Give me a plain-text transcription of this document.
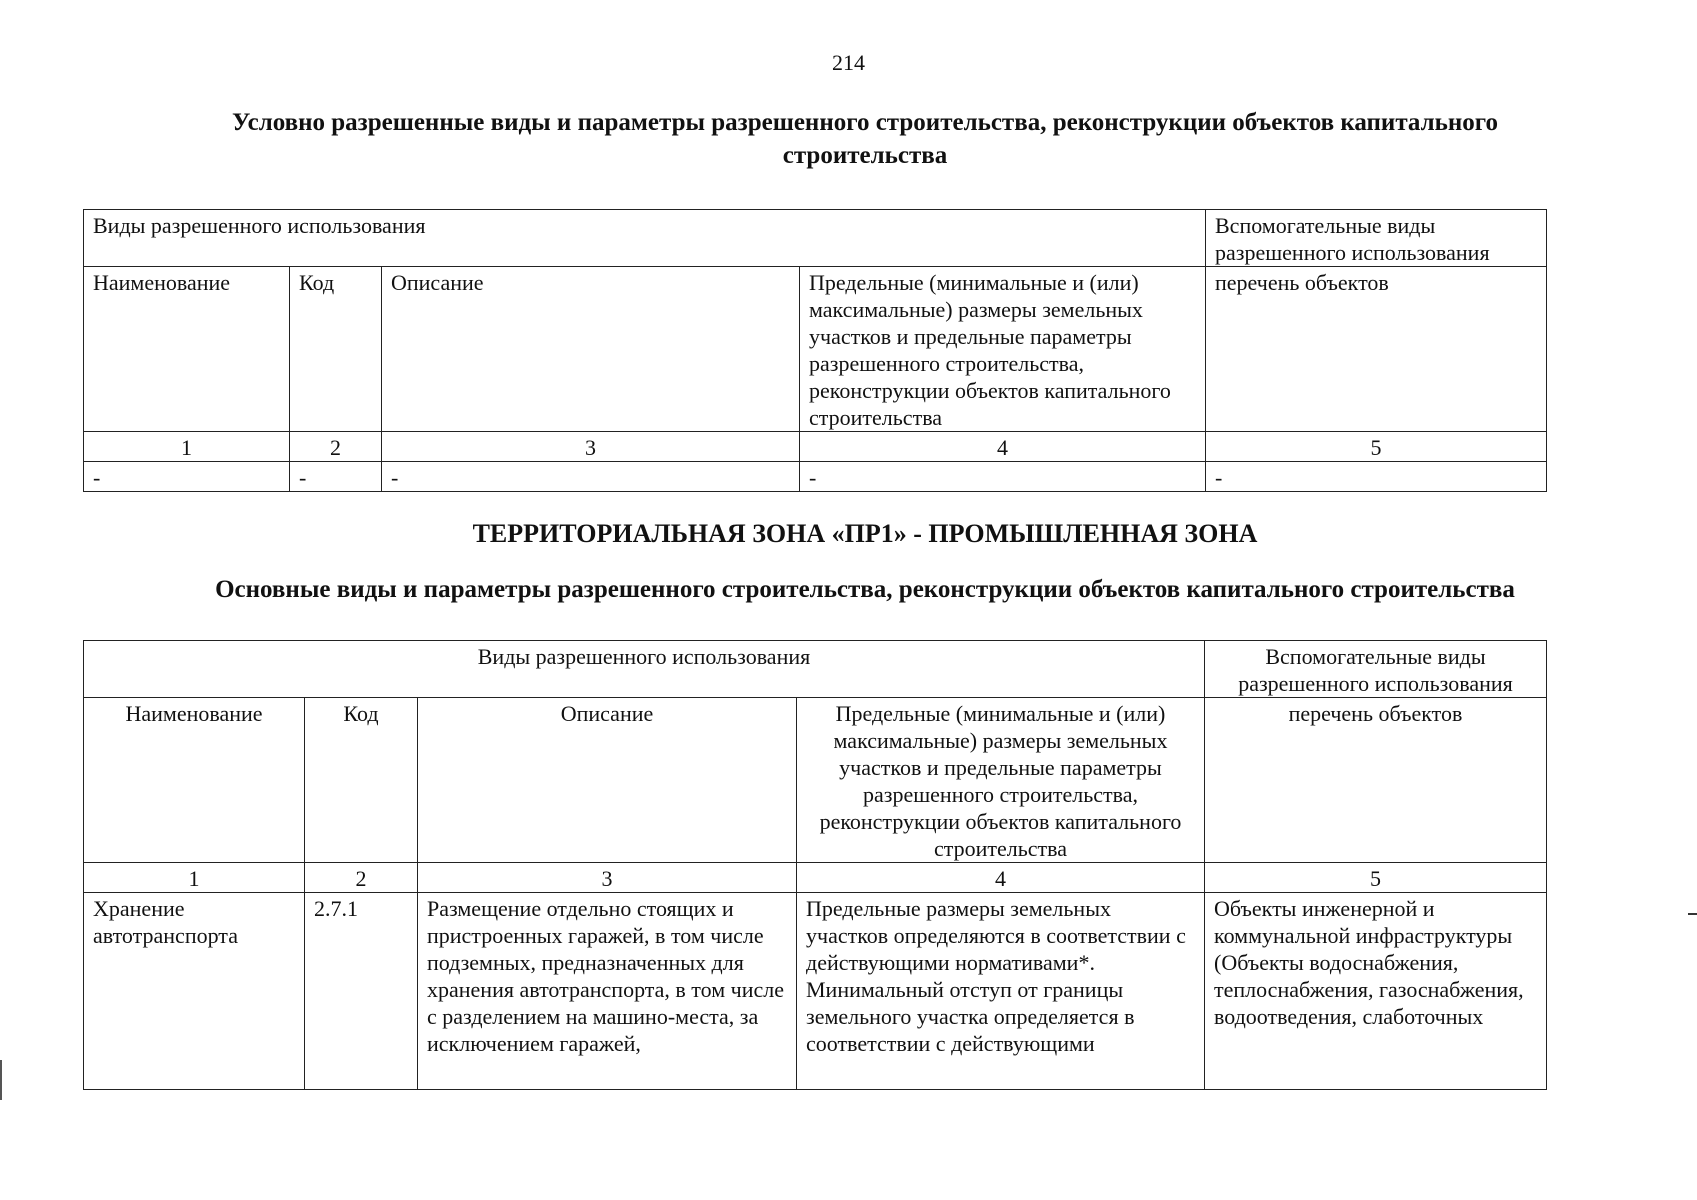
214
Условно разрешенные виды и параметры разрешенного строительства, реконструкции объектов капитального строительства
Виды разрешенного использования				Вспомогательные виды разрешенного использования
Наименование	Код	Описание	Предельные (минимальные и (или) максимальные) размеры земельных участков и предельные параметры разрешенного строительства, реконструкции объектов капитального строительства	перечень объектов
1	2	3	4	5
-	-	-	-	-
ТЕРРИТОРИАЛЬНАЯ ЗОНА «ПР1» - ПРОМЫШЛЕННАЯ ЗОНА
Основные виды и параметры разрешенного строительства, реконструкции объектов капитального строительства
Виды разрешенного использования				Вспомогательные виды разрешенного использования
Наименование	Код	Описание	Предельные (минимальные и (или) максимальные) размеры земельных участков и предельные параметры разрешенного строительства, реконструкции объектов капитального строительства	перечень объектов
1	2	3	4	5

Хранение автотранспорта	2.7.1	Размещение отдельно стоящих и пристроенных гаражей, в том числе подземных, предназначенных для хранения автотранспорта, в том числе с разделением на машино-места, за исключением гаражей,	Предельные размеры земельных участков определяются в соответствии с действующими нормативами*. Минимальный отступ от границы земельного участка определяется в соответствии с действующими	Объекты инженерной и коммунальной инфраструктуры (Объекты водоснабжения, теплоснабжения, газоснабжения, водоотведения, слаботочных
